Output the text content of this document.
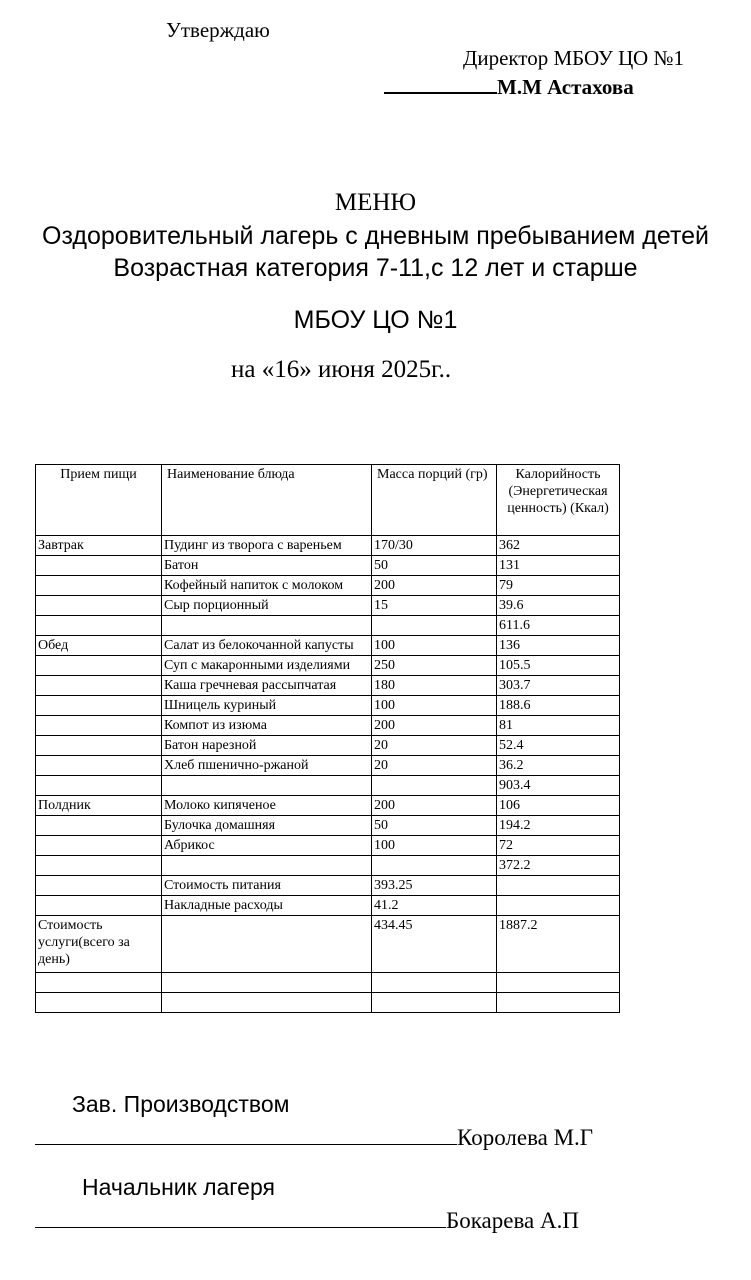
Утверждаю
Директор МБОУ ЦО №1
М.М Астахова
МЕНЮ
Оздоровительный лагерь с дневным пребыванием детей
Возрастная категория 7-11,с 12 лет и старше
МБОУ ЦО №1
на «16» июня 2025г..
Прием пищи	Наименование блюда	Масса порций (гр)	Калорийность (Энергетическая ценность) (Ккал)
Завтрак	Пудинг из творога с вареньем	170/30	362
	Батон	50	131
	Кофейный напиток с молоком	200	79
	Сыр порционный	15	39.6
			611.6
Обед	Салат из белокочанной капусты	100	136
	Суп с макаронными изделиями	250	105.5
	Каша гречневая рассыпчатая	180	303.7
	Шницель куриный	100	188.6
	Компот из изюма	200	81
	Батон нарезной	20	52.4
	Хлеб пшенично-ржаной	20	36.2
			903.4
Полдник	Молоко кипяченое	200	106
	Булочка домашняя	50	194.2
	Абрикос	100	72
			372.2
	Стоимость питания	393.25	
	Накладные расходы	41.2	
Стоимость услуги(всего за день)		434.45	1887.2

Зав. Производством
Королева М.Г
Начальник лагеря
Бокарева А.П
